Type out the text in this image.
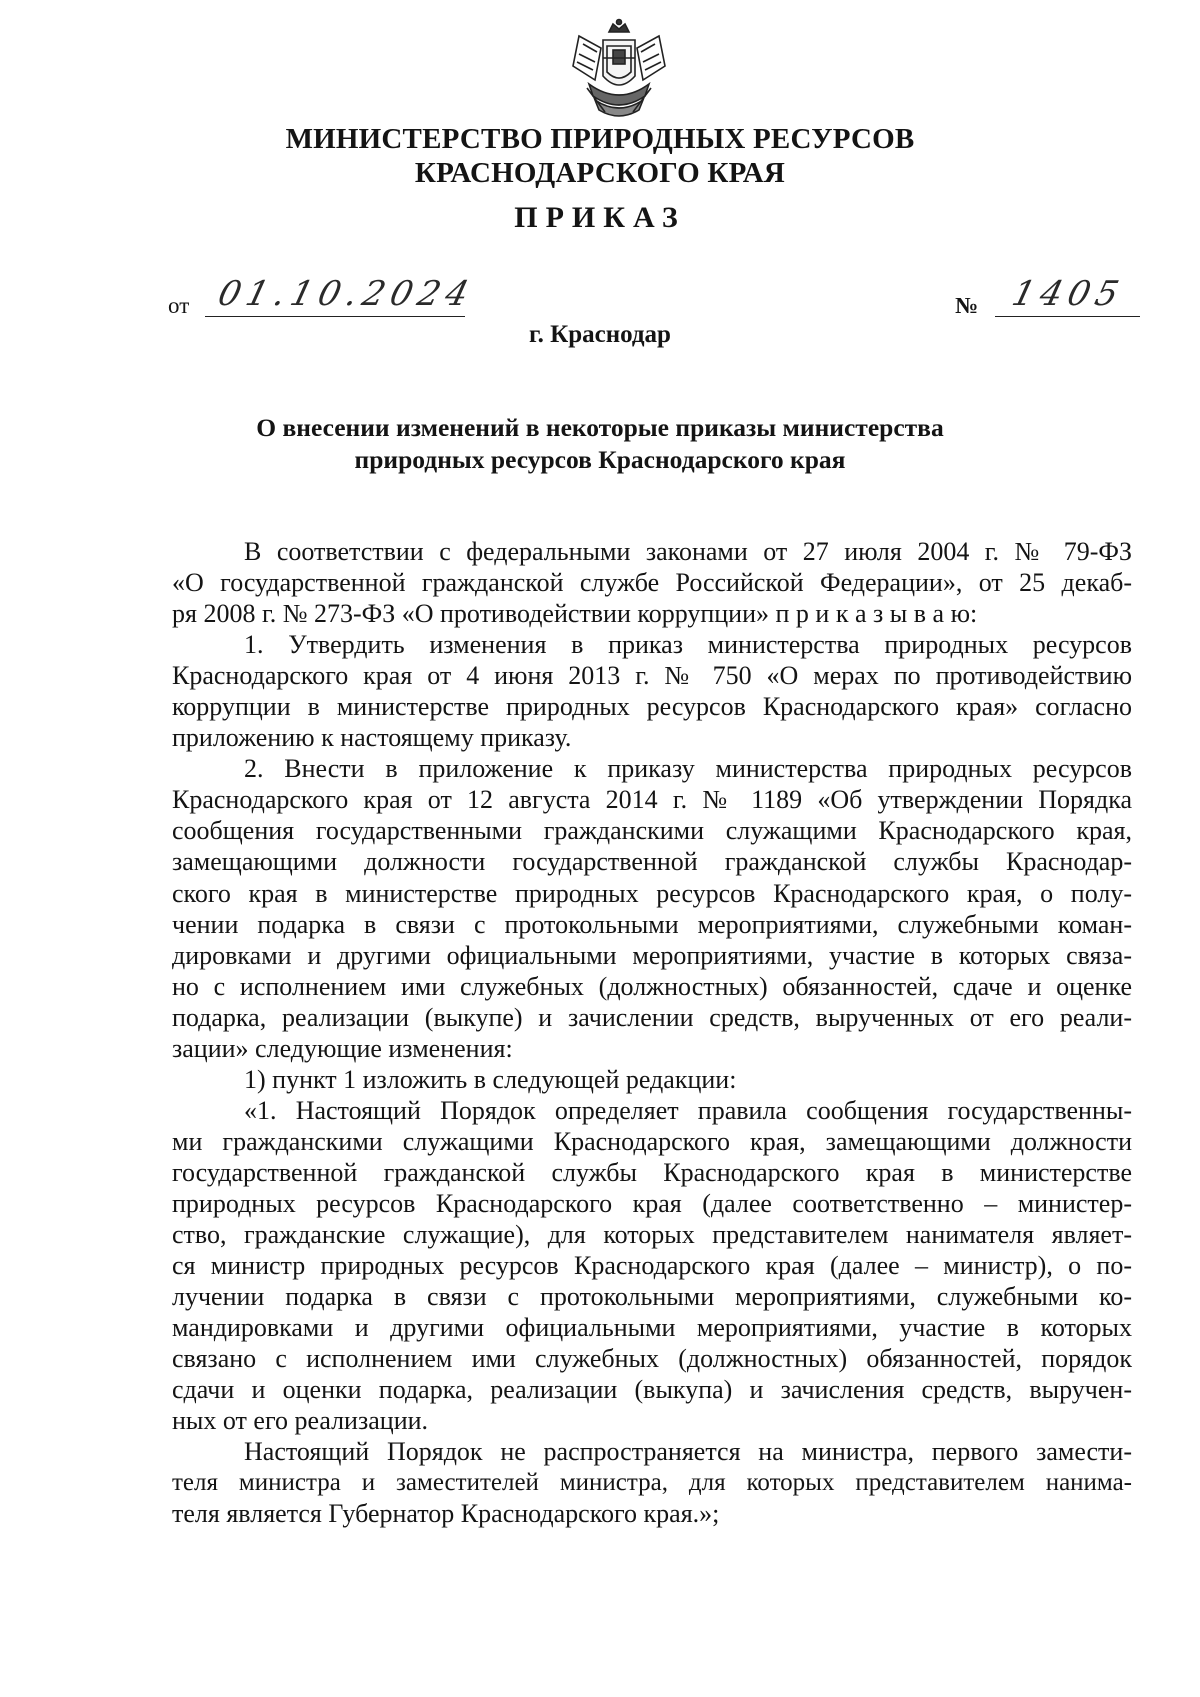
МИНИСТЕРСТВО ПРИРОДНЫХ РЕСУРСОВ
КРАСНОДАРСКОГО КРАЯ
ПРИКАЗ
от 01.10.2024	№ 1405
г. Краснодар
О внесении изменений в некоторые приказы министерства
природных ресурсов Краснодарского края
В соответствии с федеральными законами от 27 июля 2004 г. № 79-ФЗ
«О государственной гражданской службе Российской Федерации», от 25 декаб-
ря 2008 г. № 273-ФЗ «О противодействии коррупции» п р и к а з ы в а ю:
1. Утвердить изменения в приказ министерства природных ресурсов
Краснодарского края от 4 июня 2013 г. № 750 «О мерах по противодействию
коррупции в министерстве природных ресурсов Краснодарского края» согласно
приложению к настоящему приказу.
2. Внести в приложение к приказу министерства природных ресурсов
Краснодарского края от 12 августа 2014 г. № 1189 «Об утверждении Порядка
сообщения государственными гражданскими служащими Краснодарского края,
замещающими должности государственной гражданской службы Краснодар-
ского края в министерстве природных ресурсов Краснодарского края, о полу-
чении подарка в связи с протокольными мероприятиями, служебными коман-
дировками и другими официальными мероприятиями, участие в которых связа-
но с исполнением ими служебных (должностных) обязанностей, сдаче и оценке
подарка, реализации (выкупе) и зачислении средств, вырученных от его реали-
зации» следующие изменения:
1) пункт 1 изложить в следующей редакции:
«1. Настоящий Порядок определяет правила сообщения государственны-
ми гражданскими служащими Краснодарского края, замещающими должности
государственной гражданской службы Краснодарского края в министерстве
природных ресурсов Краснодарского края (далее соответственно – министер-
ство, гражданские служащие), для которых представителем нанимателя являет-
ся министр природных ресурсов Краснодарского края (далее – министр), о по-
лучении подарка в связи с протокольными мероприятиями, служебными ко-
мандировками и другими официальными мероприятиями, участие в которых
связано с исполнением ими служебных (должностных) обязанностей, порядок
сдачи и оценки подарка, реализации (выкупа) и зачисления средств, выручен-
ных от его реализации.
Настоящий Порядок не распространяется на министра, первого замести-
теля министра и заместителей министра, для которых представителем нанима-
теля является Губернатор Краснодарского края.»;
